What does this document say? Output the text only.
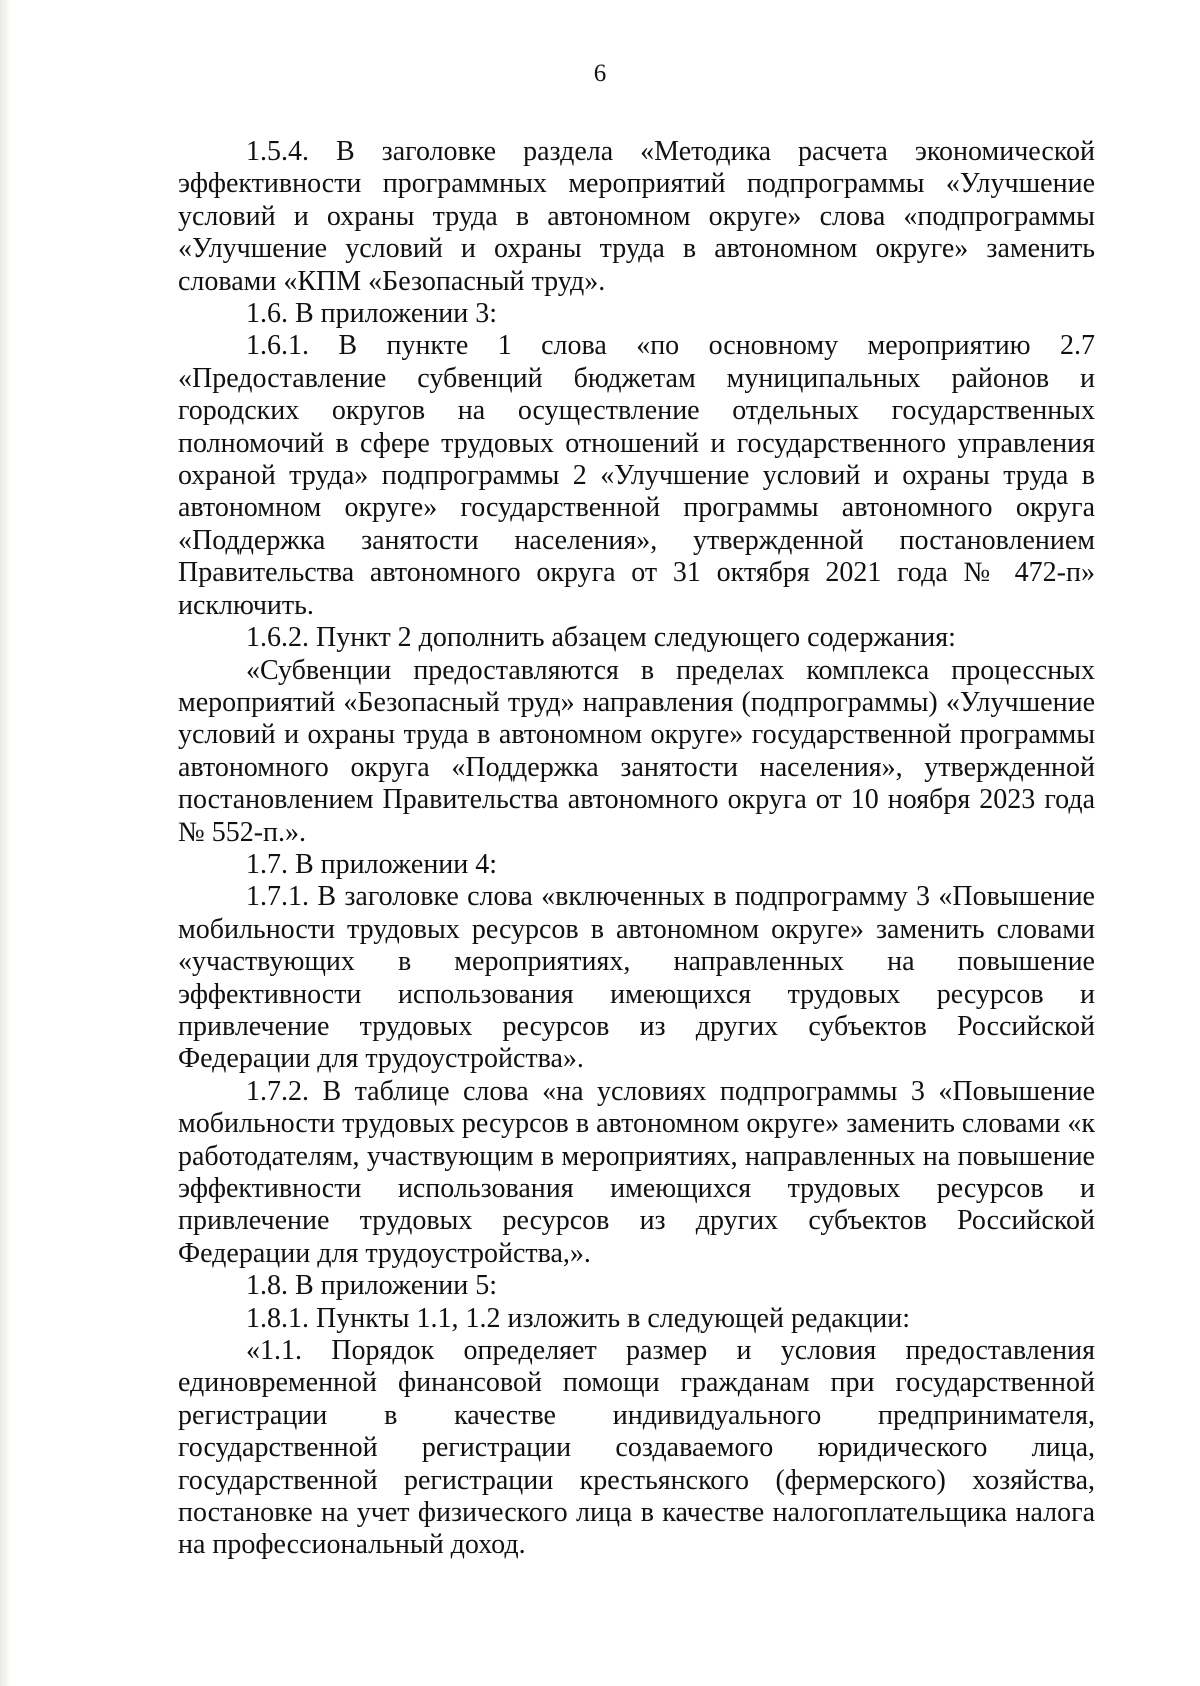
6

1.5.4. В заголовке раздела «Методика расчета экономической эффективности программных мероприятий подпрограммы «Улучшение условий и охраны труда в автономном округе» слова «подпрограммы «Улучшение условий и охраны труда в автономном округе» заменить словами «КПМ «Безопасный труд».

1.6. В приложении 3:

1.6.1. В пункте 1 слова «по основному мероприятию 2.7 «Предоставление субвенций бюджетам муниципальных районов и городских округов на осуществление отдельных государственных полномочий в сфере трудовых отношений и государственного управления охраной труда» подпрограммы 2 «Улучшение условий и охраны труда в автономном округе» государственной программы автономного округа «Поддержка занятости населения», утвержденной постановлением Правительства автономного округа от 31 октября 2021 года № 472-п» исключить.

1.6.2. Пункт 2 дополнить абзацем следующего содержания:

«Субвенции предоставляются в пределах комплекса процессных мероприятий «Безопасный труд» направления (подпрограммы) «Улучшение условий и охраны труда в автономном округе» государственной программы автономного округа «Поддержка занятости населения», утвержденной постановлением Правительства автономного округа от 10 ноября 2023 года № 552-п.».

1.7. В приложении 4:

1.7.1. В заголовке слова «включенных в подпрограмму 3 «Повышение мобильности трудовых ресурсов в автономном округе» заменить словами «участвующих в мероприятиях, направленных на повышение эффективности использования имеющихся трудовых ресурсов и привлечение трудовых ресурсов из других субъектов Российской Федерации для трудоустройства».

1.7.2. В таблице слова «на условиях подпрограммы 3 «Повышение мобильности трудовых ресурсов в автономном округе» заменить словами «к работодателям, участвующим в мероприятиях, направленных на повышение эффективности использования имеющихся трудовых ресурсов и привлечение трудовых ресурсов из других субъектов Российской Федерации для трудоустройства,».

1.8. В приложении 5:

1.8.1. Пункты 1.1, 1.2 изложить в следующей редакции:

«1.1. Порядок определяет размер и условия предоставления единовременной финансовой помощи гражданам при государственной регистрации в качестве индивидуального предпринимателя, государственной регистрации создаваемого юридического лица, государственной регистрации крестьянского (фермерского) хозяйства, постановке на учет физического лица в качестве налогоплательщика налога на профессиональный доход.
